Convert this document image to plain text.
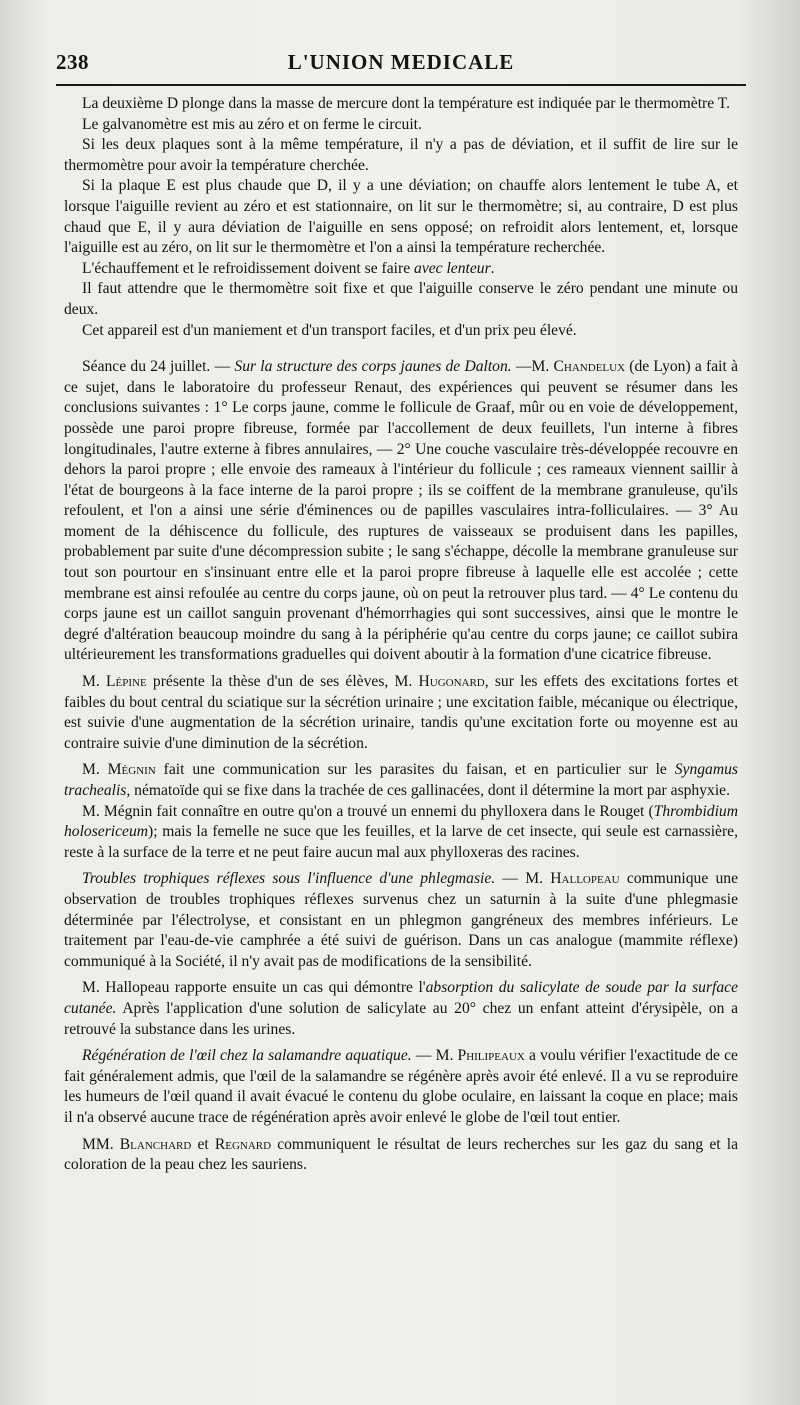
238	L'UNION MEDICALE

La deuxième D plonge dans la masse de mercure dont la température est indiquée par le thermomètre T.

Le galvanomètre est mis au zéro et on ferme le circuit.

Si les deux plaques sont à la même température, il n'y a pas de déviation, et il suffit de lire sur le thermomètre pour avoir la température cherchée.

Si la plaque E est plus chaude que D, il y a une déviation; on chauffe alors lentement le tube A, et lorsque l'aiguille revient au zéro et est stationnaire, on lit sur le thermomètre; si, au contraire, D est plus chaud que E, il y aura déviation de l'aiguille en sens opposé; on refroidit alors lentement, et, lorsque l'aiguille est au zéro, on lit sur le thermomètre et l'on a ainsi la température recherchée.

L'échauffement et le refroidissement doivent se faire avec lenteur.

Il faut attendre que le thermomètre soit fixe et que l'aiguille conserve le zéro pendant une minute ou deux.

Cet appareil est d'un maniement et d'un transport faciles, et d'un prix peu élevé.

Séance du 24 juillet. — Sur la structure des corps jaunes de Dalton. —M. Chandelux (de Lyon) a fait à ce sujet, dans le laboratoire du professeur Renaut, des expériences qui peuvent se résumer dans les conclusions suivantes : 1° Le corps jaune, comme le follicule de Graaf, mûr ou en voie de développement, possède une paroi propre fibreuse, formée par l'accollement de deux feuillets, l'un interne à fibres longitudinales, l'autre externe à fibres annulaires, — 2° Une couche vasculaire très-développée recouvre en dehors la paroi propre ; elle envoie des rameaux à l'intérieur du follicule ; ces rameaux viennent saillir à l'état de bourgeons à la face interne de la paroi propre ; ils se coiffent de la membrane granuleuse, qu'ils refoulent, et l'on a ainsi une série d'éminences ou de papilles vasculaires intra-folliculaires. — 3° Au moment de la déhiscence du follicule, des ruptures de vaisseaux se produisent dans les papilles, probablement par suite d'une décompression subite ; le sang s'échappe, décolle la membrane granuleuse sur tout son pourtour en s'insinuant entre elle et la paroi propre fibreuse à laquelle elle est accolée ; cette membrane est ainsi refoulée au centre du corps jaune, où on peut la retrouver plus tard. — 4° Le contenu du corps jaune est un caillot sanguin provenant d'hémorrhagies qui sont successives, ainsi que le montre le degré d'altération beaucoup moindre du sang à la périphérie qu'au centre du corps jaune; ce caillot subira ultérieurement les transformations graduelles qui doivent aboutir à la formation d'une cicatrice fibreuse.

M. Lépine présente la thèse d'un de ses élèves, M. Hugonard, sur les effets des excitations fortes et faibles du bout central du sciatique sur la sécrétion urinaire ; une excitation faible, mécanique ou électrique, est suivie d'une augmentation de la sécrétion urinaire, tandis qu'une excitation forte ou moyenne est au contraire suivie d'une diminution de la sécrétion.

M. Mégnin fait une communication sur les parasites du faisan, et en particulier sur le Syngamus trachealis, nématoïde qui se fixe dans la trachée de ces gallinacées, dont il détermine la mort par asphyxie.

M. Mégnin fait connaître en outre qu'on a trouvé un ennemi du phylloxera dans le Rouget (Thrombidium holosericeum); mais la femelle ne suce que les feuilles, et la larve de cet insecte, qui seule est carnassière, reste à la surface de la terre et ne peut faire aucun mal aux phylloxeras des racines.

Troubles trophiques réflexes sous l'influence d'une phlegmasie. — M. Hallopeau communique une observation de troubles trophiques réflexes survenus chez un saturnin à la suite d'une phlegmasie déterminée par l'électrolyse, et consistant en un phlegmon gangréneux des membres inférieurs. Le traitement par l'eau-de-vie camphrée a été suivi de guérison. Dans un cas analogue (mammite réflexe) communiqué à la Société, il n'y avait pas de modifications de la sensibilité.

M. Hallopeau rapporte ensuite un cas qui démontre l'absorption du salicylate de soude par la surface cutanée. Après l'application d'une solution de salicylate au 20° chez un enfant atteint d'érysipèle, on a retrouvé la substance dans les urines.

Régénération de l'œil chez la salamandre aquatique. — M. Philipeaux a voulu vérifier l'exactitude de ce fait généralement admis, que l'œil de la salamandre se régénère après avoir été enlevé. Il a vu se reproduire les humeurs de l'œil quand il avait évacué le contenu du globe oculaire, en laissant la coque en place; mais il n'a observé aucune trace de régénération après avoir enlevé le globe de l'œil tout entier.

MM. Blanchard et Regnard communiquent le résultat de leurs recherches sur les gaz du sang et la coloration de la peau chez les sauriens.
